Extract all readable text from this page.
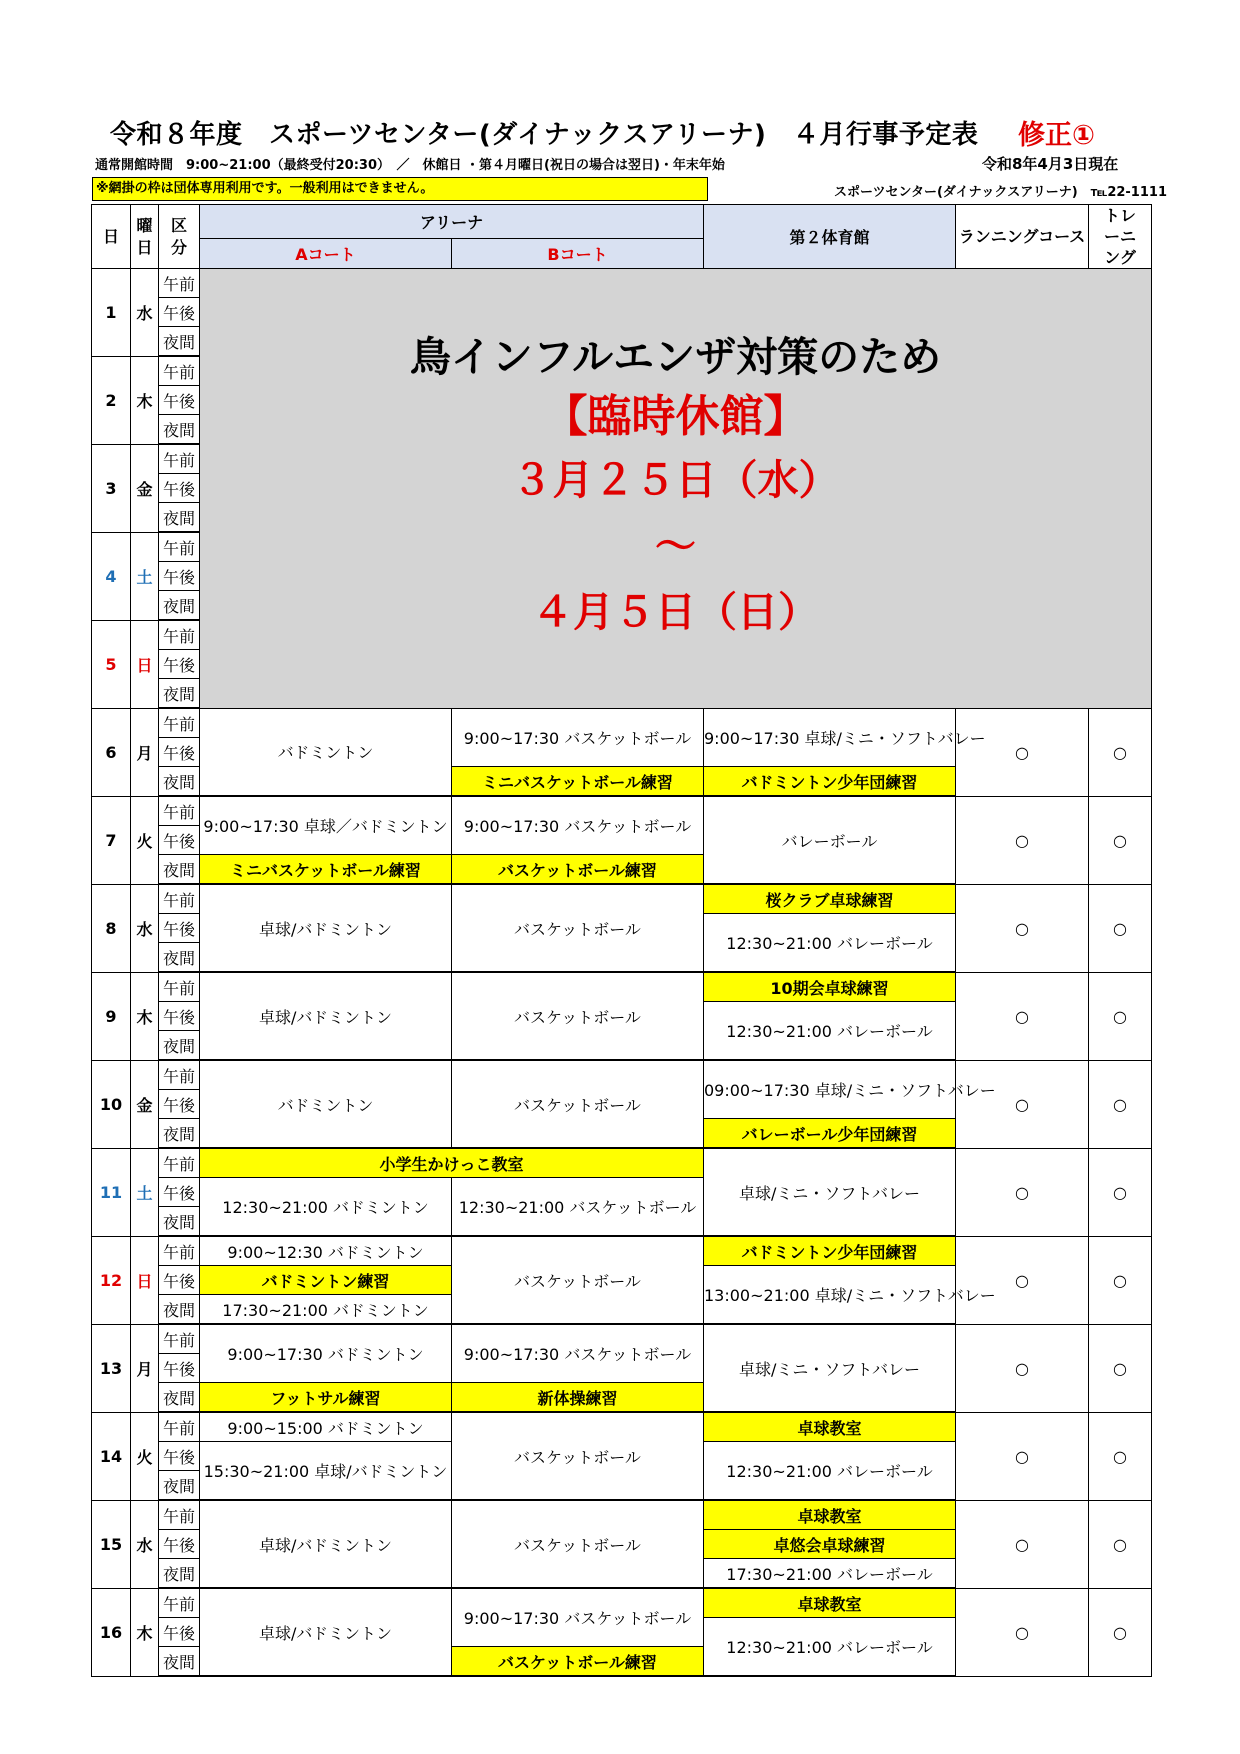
令和８年度　スポーツセンター(ダイナックスアリーナ)　４月行事予定表 修正①
通常開館時間　9:00~21:00（最終受付20:30）　／　休館日 ・第４月曜日(祝日の場合は翌日)・年末年始	令和8年4月3日現在
※網掛の枠は団体専用利用です。一般利用はできません。	スポーツセンター(ダイナックスアリーナ)　℡22-1111
日	曜日	区分	アリーナ		第２体育館	ランニングコース	トレーニング

			Aコート	Bコート			
1	水	午前	鳥インフルエンザ対策のため
【臨時休館】
３月２５日（水）
～
４月５日（日）				

		午後					
		夜間					
2	木	午前					
		午後					
		夜間					
3	金	午前					
		午後					
		夜間					
4	土	午前					
		午後					
		夜間					
5	日	午前					
		午後					
		夜間					
6	月	午前	バドミントン	9:00~17:30 バスケットボール	9:00~17:30 卓球/ミニ・ソフトバレー	○	○
		午後					
		夜間		ミニバスケットボール練習	バドミントン少年団練習		
7	火	午前	9:00~17:30 卓球／バドミントン	9:00~17:30 バスケットボール	バレーボール	○	○
		午後					
		夜間	ミニバスケットボール練習	バスケットボール練習			
8	水	午前	卓球/バドミントン	バスケットボール	桜クラブ卓球練習	○	○
		午後			12:30~21:00 バレーボール		
		夜間					
9	木	午前	卓球/バドミントン	バスケットボール	10期会卓球練習	○	○
		午後			12:30~21:00 バレーボール		
		夜間					
10	金	午前	バドミントン	バスケットボール	09:00~17:30 卓球/ミニ・ソフトバレー	○	○
		午後					
		夜間			バレーボール少年団練習		
11	土	午前	小学生かけっこ教室		卓球/ミニ・ソフトバレー	○	○
		午後	12:30~21:00 バドミントン	12:30~21:00 バスケットボール			
		夜間					
12	日	午前	9:00~12:30 バドミントン	バスケットボール	バドミントン少年団練習	○	○
		午後	バドミントン練習		13:00~21:00 卓球/ミニ・ソフトバレー		
		夜間	17:30~21:00 バドミントン				
13	月	午前	9:00~17:30 バドミントン	9:00~17:30 バスケットボール	卓球/ミニ・ソフトバレー	○	○
		午後					
		夜間	フットサル練習	新体操練習			
14	火	午前	9:00~15:00 バドミントン	バスケットボール	卓球教室	○	○
		午後	15:30~21:00 卓球/バドミントン		12:30~21:00 バレーボール		
		夜間					
15	水	午前	卓球/バドミントン	バスケットボール	卓球教室	○	○
		午後			卓悠会卓球練習		
		夜間			17:30~21:00 バレーボール		
16	木	午前	卓球/バドミントン	9:00~17:30 バスケットボール	卓球教室	○	○
		午後			12:30~21:00 バレーボール		
		夜間		バスケットボール練習			
